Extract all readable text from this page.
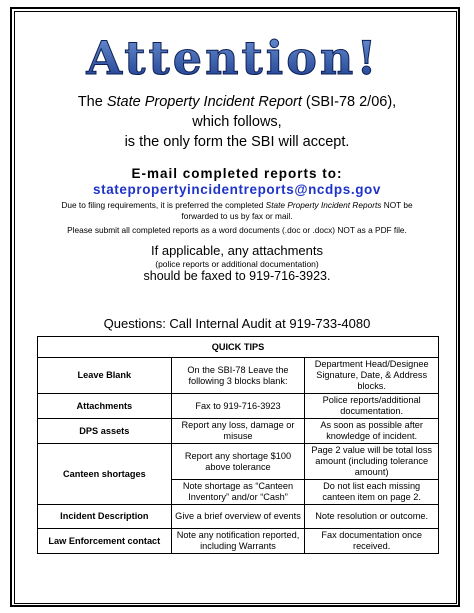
Attention!
The State Property Incident Report (SBI-78 2/06),
which follows,
is the only form the SBI will accept.
E-mail completed reports to:
statepropertyincidentreports@ncdps.gov
Due to filing requirements, it is preferred the completed State Property Incident Reports NOT be
forwarded to us by fax or mail.
Please submit all completed reports as a word documents (.doc or .docx) NOT as a PDF file.
If applicable, any attachments
(police reports or additional documentation)
should be faxed to 919-716-3923.
Questions: Call Internal Audit at 919-733-4080
QUICK TIPS		
Leave Blank	On the SBI-78 Leave the following 3 blocks blank:	Department Head/Designee Signature, Date, & Address blocks.
Attachments	Fax to 919-716-3923	Police reports/additional documentation.
DPS assets	Report any loss, damage or misuse	As soon as possible after knowledge of incident.
Canteen shortages	Report any shortage $100 above tolerance	Page 2 value will be total loss amount (including tolerance amount)
	Note shortage as “Canteen Inventory” and/or “Cash”	Do not list each missing canteen item on page 2.
Incident Description	Give a brief overview of events	Note resolution or outcome.
Law Enforcement contact	Note any notification reported, including Warrants	Fax documentation once received.
